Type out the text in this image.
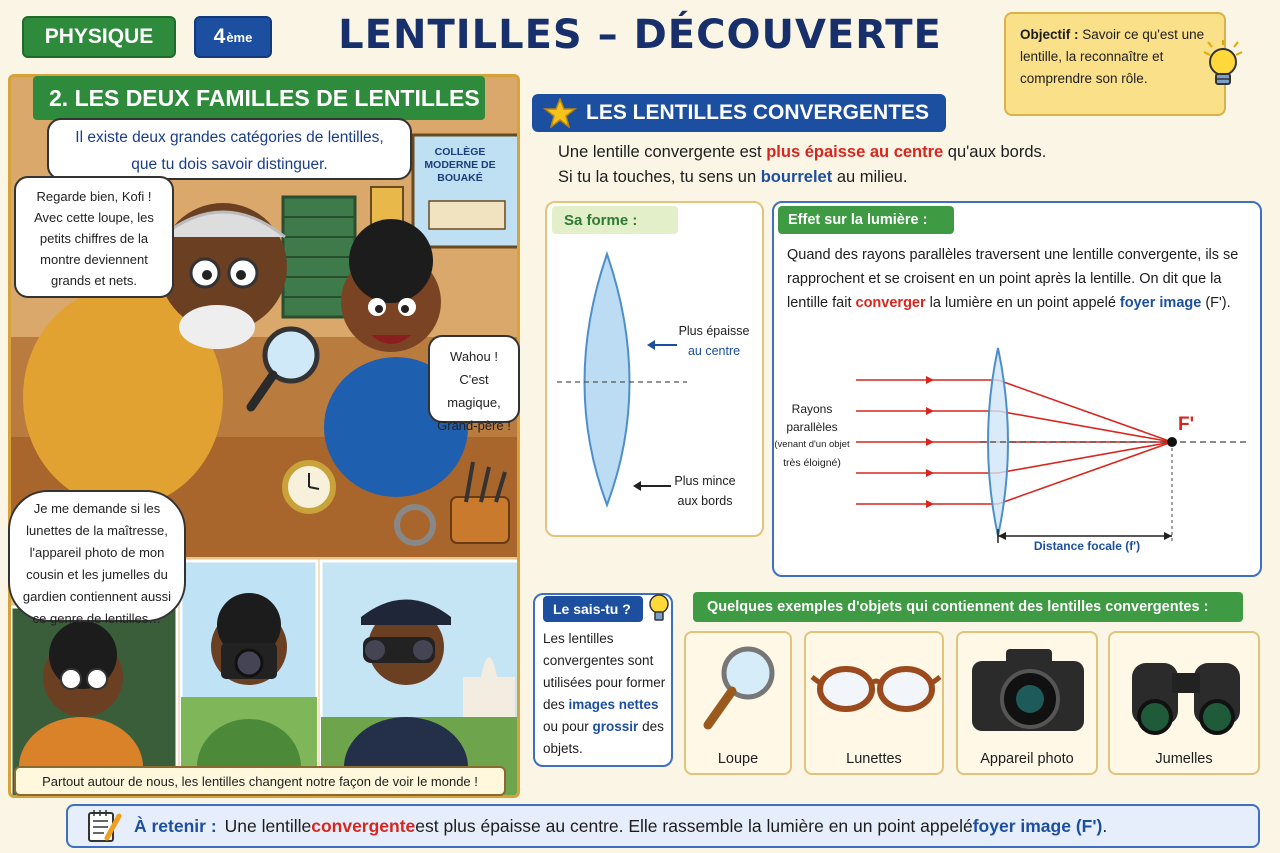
PHYSIQUE	4 ème	LENTILLES – DÉCOUVERTE	Objectif : Savoir ce qu'est une lentille, la reconnaître et comprendre son rôle.
2. LES DEUX FAMILLES DE LENTILLES
Il existe deux grandes catégories de lentilles, que tu dois savoir distinguer.
Regarde bien, Kofi ! Avec cette loupe, les petits chiffres de la montre deviennent grands et nets.
Wahou ! C'est magique, Grand-père !
Je me demande si les lunettes de la maîtresse, l'appareil photo de mon cousin et les jumelles du gardien contiennent aussi ce genre de lentilles…
COLLÈGE MODERNE DE BOUAKÉ
Partout autour de nous, les lentilles changent notre façon de voir le monde !
LES LENTILLES CONVERGENTES
Une lentille convergente est plus épaisse au centre qu'aux bords.
Si tu la touches, tu sens un bourrelet au milieu.
Sa forme :
Plus épaisse
au centre
Plus mince
aux bords
Effet sur la lumière :
Quand des rayons parallèles traversent une lentille convergente, ils se rapprochent et se croisent en un point après la lentille. On dit que la lentille fait converger la lumière en un point appelé foyer image (F').
Rayons
parallèles
(venant d'un objet
très éloigné)
F'
Distance focale (f')
Le sais-tu ?
Les lentilles convergentes sont utilisées pour former des images nettes ou pour grossir des objets.
Quelques exemples d'objets qui contiennent des lentilles convergentes :
Loupe	Lunettes	Appareil photo	Jumelles
À retenir : Une lentille convergente est plus épaisse au centre. Elle rassemble la lumière en un point appelé foyer image (F') .
